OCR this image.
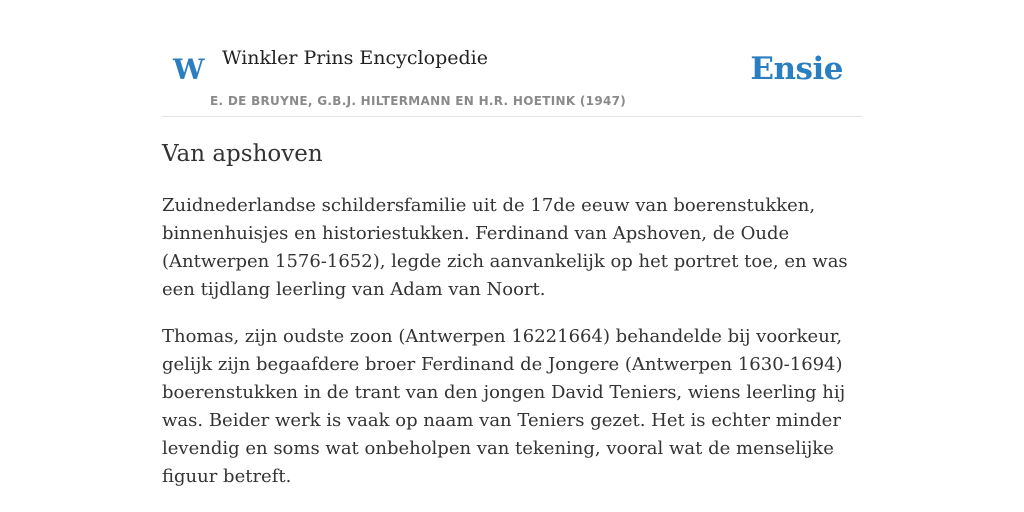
W Winkler Prins Encyclopedie
E. DE BRUYNE, G.B.J. HILTERMANN EN H.R. HOETINK (1947)
Ensie
Van apshoven

Zuidnederlandse schildersfamilie uit de 17de eeuw van boerenstukken, binnenhuisjes en historiestukken. Ferdinand van Apshoven, de Oude (Antwerpen 1576-1652), legde zich aanvankelijk op het portret toe, en was een tijdlang leerling van Adam van Noort.

Thomas, zijn oudste zoon (Antwerpen 16221664) behandelde bij voorkeur, gelijk zijn begaafdere broer Ferdinand de Jongere (Antwerpen 1630-1694) boerenstukken in de trant van den jongen David Teniers, wiens leerling hij was. Beider werk is vaak op naam van Teniers gezet. Het is echter minder levendig en soms wat onbeholpen van tekening, vooral wat de menselijke figuur betreft.
